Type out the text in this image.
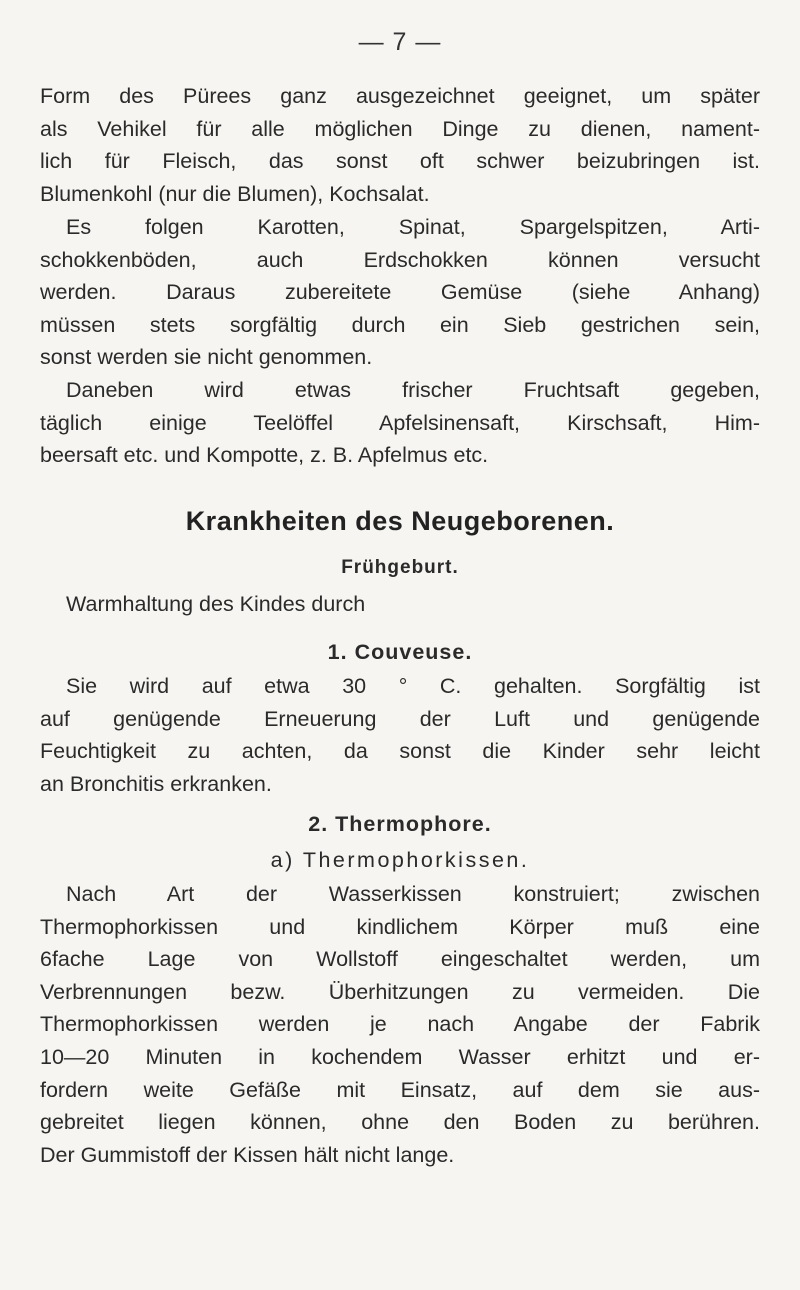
— 7 —
Form des Pürees ganz ausgezeichnet geeignet, um später
als Vehikel für alle möglichen Dinge zu dienen, nament-
lich für Fleisch, das sonst oft schwer beizubringen ist.
Blumenkohl (nur die Blumen), Kochsalat.
Es folgen Karotten, Spinat, Spargelspitzen, Arti-
schokkenböden, auch Erdschokken können versucht
werden. Daraus zubereitete Gemüse (siehe Anhang)
müssen stets sorgfältig durch ein Sieb gestrichen sein,
sonst werden sie nicht genommen.
Daneben wird etwas frischer Fruchtsaft gegeben,
täglich einige Teelöffel Apfelsinensaft, Kirschsaft, Him-
beersaft etc. und Kompotte, z. B. Apfelmus etc.
Krankheiten des Neugeborenen.
Frühgeburt.
Warmhaltung des Kindes durch
1. Couveuse.
Sie wird auf etwa 30 ° C. gehalten. Sorgfältig ist
auf genügende Erneuerung der Luft und genügende
Feuchtigkeit zu achten, da sonst die Kinder sehr leicht
an Bronchitis erkranken.
2. Thermophore.
a) Thermophorkissen.
Nach Art der Wasserkissen konstruiert; zwischen
Thermophorkissen und kindlichem Körper muß eine
6fache Lage von Wollstoff eingeschaltet werden, um
Verbrennungen bezw. Überhitzungen zu vermeiden. Die
Thermophorkissen werden je nach Angabe der Fabrik
10—20 Minuten in kochendem Wasser erhitzt und er-
fordern weite Gefäße mit Einsatz, auf dem sie aus-
gebreitet liegen können, ohne den Boden zu berühren.
Der Gummistoff der Kissen hält nicht lange.
